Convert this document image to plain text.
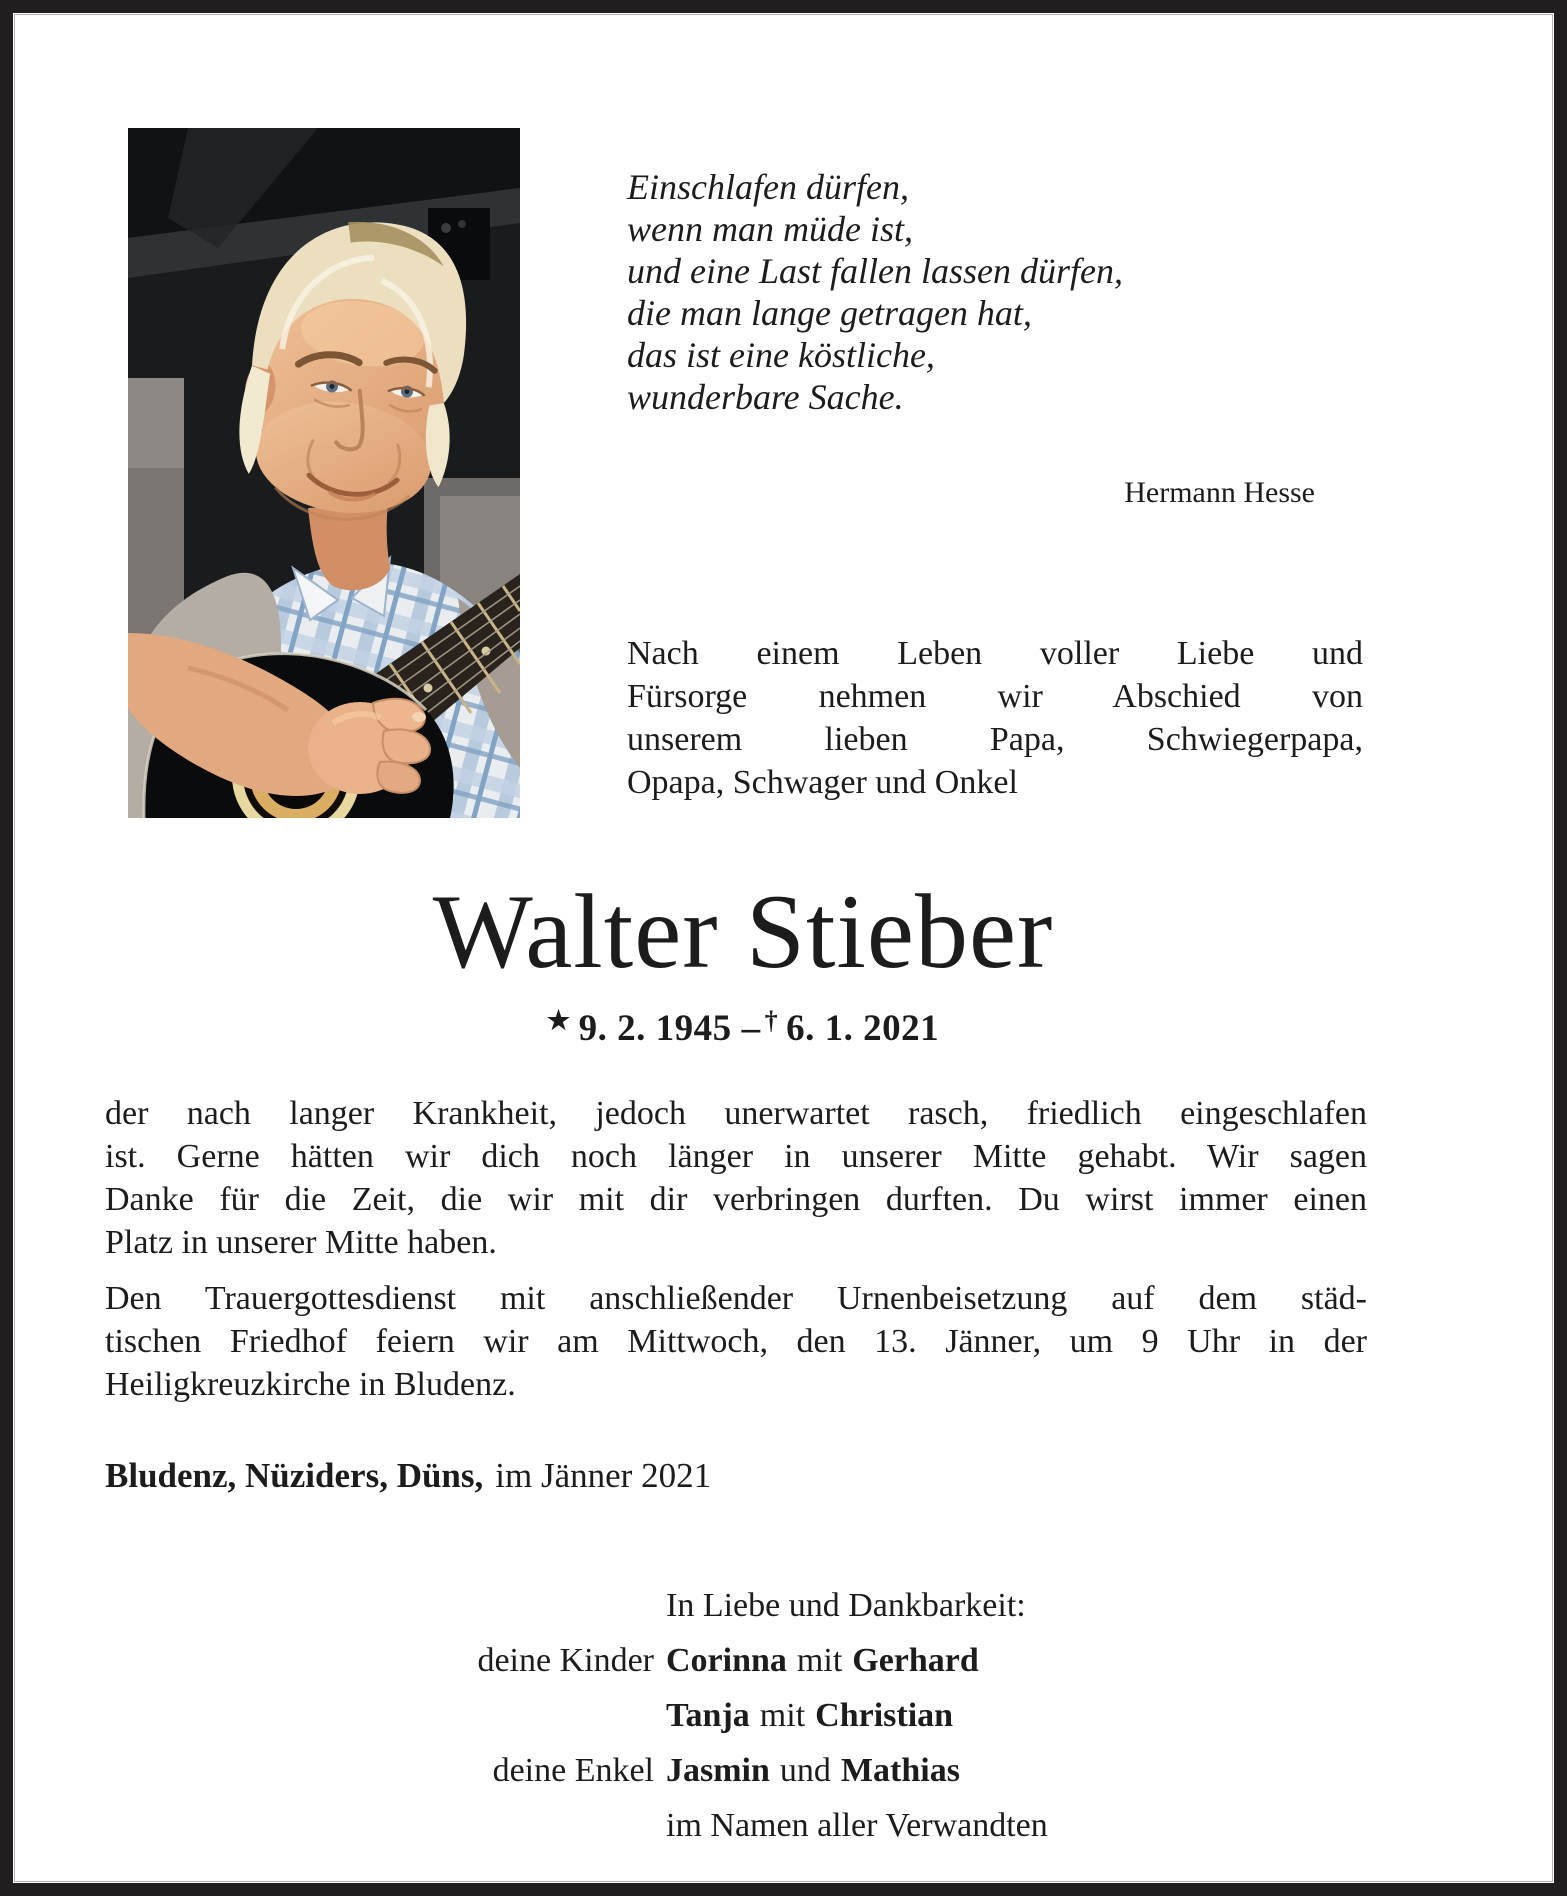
Einschlafen dürfen,
wenn man müde ist,
und eine Last fallen lassen dürfen,
die man lange getragen hat,
das ist eine köstliche,
wunderbare Sache.
Hermann Hesse
Nach einem Leben voller Liebe und
Fürsorge nehmen wir Abschied von
unserem lieben Papa, Schwiegerpapa,
Opapa, Schwager und Onkel
Walter Stieber
★ 9. 2. 1945 – † 6. 1. 2021
der nach langer Krankheit, jedoch unerwartet rasch, friedlich eingeschlafen
ist. Gerne hätten wir dich noch länger in unserer Mitte gehabt. Wir sagen
Danke für die Zeit, die wir mit dir verbringen durften. Du wirst immer einen
Platz in unserer Mitte haben.
Den Trauergottesdienst mit anschließender Urnenbeisetzung auf dem städ-
tischen Friedhof feiern wir am Mittwoch, den 13. Jänner, um 9 Uhr in der
Heiligkreuzkirche in Bludenz.
Bludenz, Nüziders, Düns, im Jänner 2021
In Liebe und Dankbarkeit:
deine Kinder Corinna mit Gerhard
Tanja mit Christian
deine Enkel Jasmin und Mathias
im Namen aller Verwandten
